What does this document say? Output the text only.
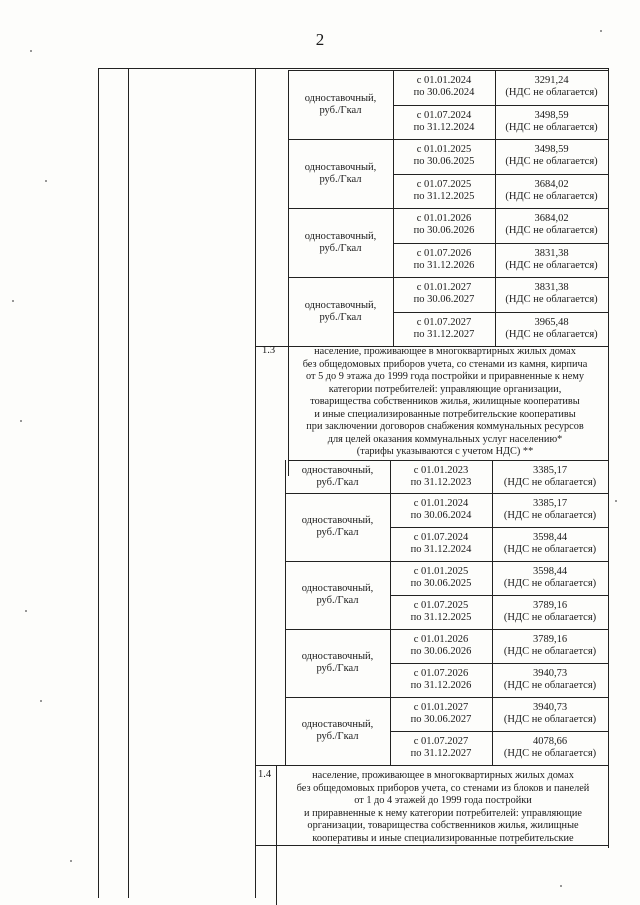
2
с 01.01.2024
по 30.06.2024
3291,24
(НДС не облагается)
с 01.07.2024
по 31.12.2024
3498,59
(НДС не облагается)
одноставочный,
руб./Гкал
с 01.01.2025
по 30.06.2025
3498,59
(НДС не облагается)
с 01.07.2025
по 31.12.2025
3684,02
(НДС не облагается)
одноставочный,
руб./Гкал
с 01.01.2026
по 30.06.2026
3684,02
(НДС не облагается)
с 01.07.2026
по 31.12.2026
3831,38
(НДС не облагается)
одноставочный,
руб./Гкал
с 01.01.2027
по 30.06.2027
3831,38
(НДС не облагается)
с 01.07.2027
по 31.12.2027
3965,48
(НДС не облагается)
одноставочный,
руб./Гкал
одноставочный,
руб./Гкал
с 01.01.2023
по 31.12.2023
3385,17
(НДС не облагается)
с 01.01.2024
по 30.06.2024
3385,17
(НДС не облагается)
с 01.07.2024
по 31.12.2024
3598,44
(НДС не облагается)
одноставочный,
руб./Гкал
с 01.01.2025
по 30.06.2025
3598,44
(НДС не облагается)
с 01.07.2025
по 31.12.2025
3789,16
(НДС не облагается)
одноставочный,
руб./Гкал
с 01.01.2026
по 30.06.2026
3789,16
(НДС не облагается)
с 01.07.2026
по 31.12.2026
3940,73
(НДС не облагается)
одноставочный,
руб./Гкал
с 01.01.2027
по 30.06.2027
3940,73
(НДС не облагается)
с 01.07.2027
по 31.12.2027
4078,66
(НДС не облагается)
одноставочный,
руб./Гкал
1.3	население, проживающее в многоквартирных жилых домах
без общедомовых приборов учета, со стенами из камня, кирпича
от 5 до 9 этажа до 1999 года постройки и приравненные к нему
категории потребителей: управляющие организации,
товарищества собственников жилья, жилищные кооперативы
и иные специализированные потребительские кооперативы
при заключении договоров снабжения коммунальных ресурсов
для целей оказания коммунальных услуг населению*
(тарифы указываются с учетом НДС) **
1.4	население, проживающее в многоквартирных жилых домах
без общедомовых приборов учета, со стенами из блоков и панелей
от 1 до 4 этажей до 1999 года постройки
и приравненные к нему категории потребителей: управляющие
организации, товарищества собственников жилья, жилищные
кооперативы и иные специализированные потребительские
